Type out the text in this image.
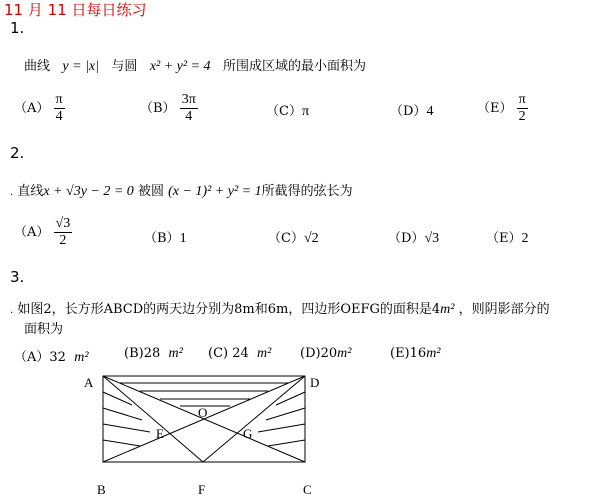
11 月 11 日每日练习
1.
曲线 y = |x| 与圆 x² + y² = 4 所围成区域的最小面积为
$(A) \frac{\pi}{4}$	$(B) \frac{3\pi}{4}$	（C）π	（D）4	$(E) \frac{\pi}{2}$
2.
. 直线x + √3y − 2 = 0 被圆 (x − 1)² + y² = 1所截得的弦长为
$(A) \frac{√3}{2}$	（B）1	（C）√2	（D）√3	（E）2
3.
. 如图2，长方形ABCD的两天边分别为8m和6m，四边形OEFG的面积是4m² ，则阴影部分的
面积为
（A）32 m²	(B)28 m² (C) 24 m² (D)20m²	(E)16m²
A	D
O
E	G
B	F	C
